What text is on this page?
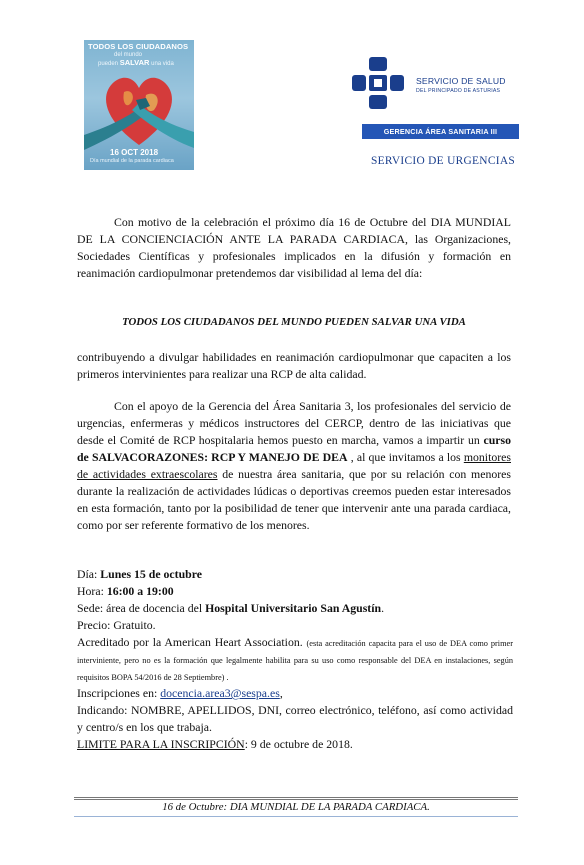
TODOS LOS CIUDADANOS
del mundo
pueden SALVAR una vida
16 OCT 2018
Día mundial de la parada cardiaca
SERVICIO DE SALUD
DEL PRINCIPADO DE ASTURIAS
GERENCIA ÁREA SANITARIA III
SERVICIO DE URGENCIAS
Con motivo de la celebración el próximo día 16 de Octubre del DIA MUNDIAL DE LA CONCIENCIACIÓN ANTE LA PARADA CARDIACA, las Organizaciones, Sociedades Científicas y profesionales implicados en la difusión y formación en reanimación cardiopulmonar pretendemos dar visibilidad al lema del día:
TODOS LOS CIUDADANOS DEL MUNDO PUEDEN SALVAR UNA VIDA
contribuyendo a divulgar habilidades en reanimación cardiopulmonar que capaciten a los primeros intervinientes para realizar una RCP de alta calidad.
Con el apoyo de la Gerencia del Área Sanitaria 3, los profesionales del servicio de urgencias, enfermeras y médicos instructores del CERCP, dentro de las iniciativas que desde el Comité de RCP hospitalaria hemos puesto en marcha, vamos a impartir un curso de SALVACORAZONES: RCP Y MANEJO DE DEA , al que invitamos a los monitores de actividades extraescolares de nuestra área sanitaria, que por su relación con menores durante la realización de actividades lúdicas o deportivas creemos pueden estar interesados en esta formación, tanto por la posibilidad de tener que intervenir ante una parada cardiaca, como por ser referente formativo de los menores.
Día: Lunes 15 de octubre
Hora: 16:00 a 19:00
Sede: área de docencia del Hospital Universitario San Agustín.
Precio: Gratuito.
Acreditado por la American Heart Association. (esta acreditación capacita para el uso de DEA como primer interviniente, pero no es la formación que legalmente habilita para su uso como responsable del DEA en instalaciones, según requisitos BOPA 54/2016 de 28 Septiembre) .
Inscripciones en: docencia.area3@sespa.es,
Indicando: NOMBRE, APELLIDOS, DNI, correo electrónico, teléfono, así como actividad y centro/s en los que trabaja.
LIMITE PARA LA INSCRIPCIÓN: 9 de octubre de 2018.
16 de Octubre: DIA MUNDIAL DE LA PARADA CARDIACA.
